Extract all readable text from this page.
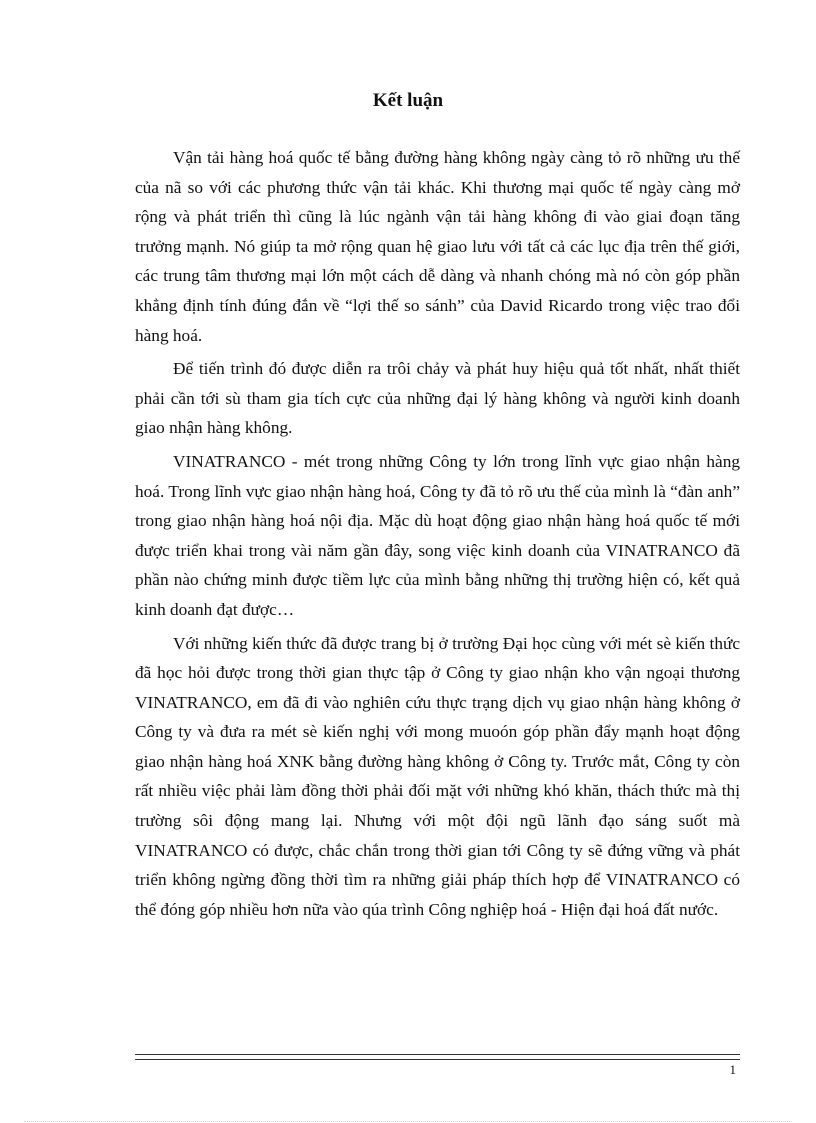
Kết luận

Vận tải hàng hoá quốc tế bằng đường hàng không ngày càng tỏ rõ những ưu thế của nã so với các phương thức vận tải khác. Khi thương mại quốc tế ngày càng mở rộng và phát triển thì cũng là lúc ngành vận tải hàng không đi vào giai đoạn tăng trưởng mạnh. Nó giúp ta mở rộng quan hệ giao lưu với tất cả các lục địa trên thế giới, các trung tâm thương mại lớn một cách dễ dàng và nhanh chóng mà nó còn góp phần khẳng định tính đúng đắn về “lợi thế so sánh” của David Ricardo trong việc trao đổi hàng hoá.

Để tiến trình đó được diễn ra trôi chảy và phát huy hiệu quả tốt nhất, nhất thiết phải cần tới sù tham gia tích cực của những đại lý hàng không và người kinh doanh giao nhận hàng không.

VINATRANCO - mét trong những Công ty lớn trong lĩnh vực giao nhận hàng hoá. Trong lĩnh vực giao nhận hàng hoá, Công ty đã tỏ rõ ưu thế của mình là “đàn anh” trong giao nhận hàng hoá nội địa. Mặc dù hoạt động giao nhận hàng hoá quốc tế mới được triển khai trong vài năm gần đây, song việc kinh doanh của VINATRANCO đã phần nào chứng minh được tiềm lực của mình bằng những thị trường hiện có, kết quả kinh doanh đạt được…

Với những kiến thức đã được trang bị ở trường Đại học cùng với mét sè kiến thức đã học hỏi được trong thời gian thực tập ở Công ty giao nhận kho vận ngoại thương VINATRANCO, em đã đi vào nghiên cứu thực trạng dịch vụ giao nhận hàng không ở Công ty và đưa ra mét sè kiến nghị với mong muoón góp phần đẩy mạnh hoạt động giao nhận hàng hoá XNK bằng đường hàng không ở Công ty. Trước mắt, Công ty còn rất nhiều việc phải làm đồng thời phải đối mặt với những khó khăn, thách thức mà thị trường sôi động mang lại. Nhưng với một đội ngũ lãnh đạo sáng suốt mà VINATRANCO có được, chắc chắn trong thời gian tới Công ty sẽ đứng vững và phát triển không ngừng đồng thời tìm ra những giải pháp thích hợp để VINATRANCO có thể đóng góp nhiều hơn nữa vào qúa trình Công nghiệp hoá - Hiện đại hoá đất nước.

1
